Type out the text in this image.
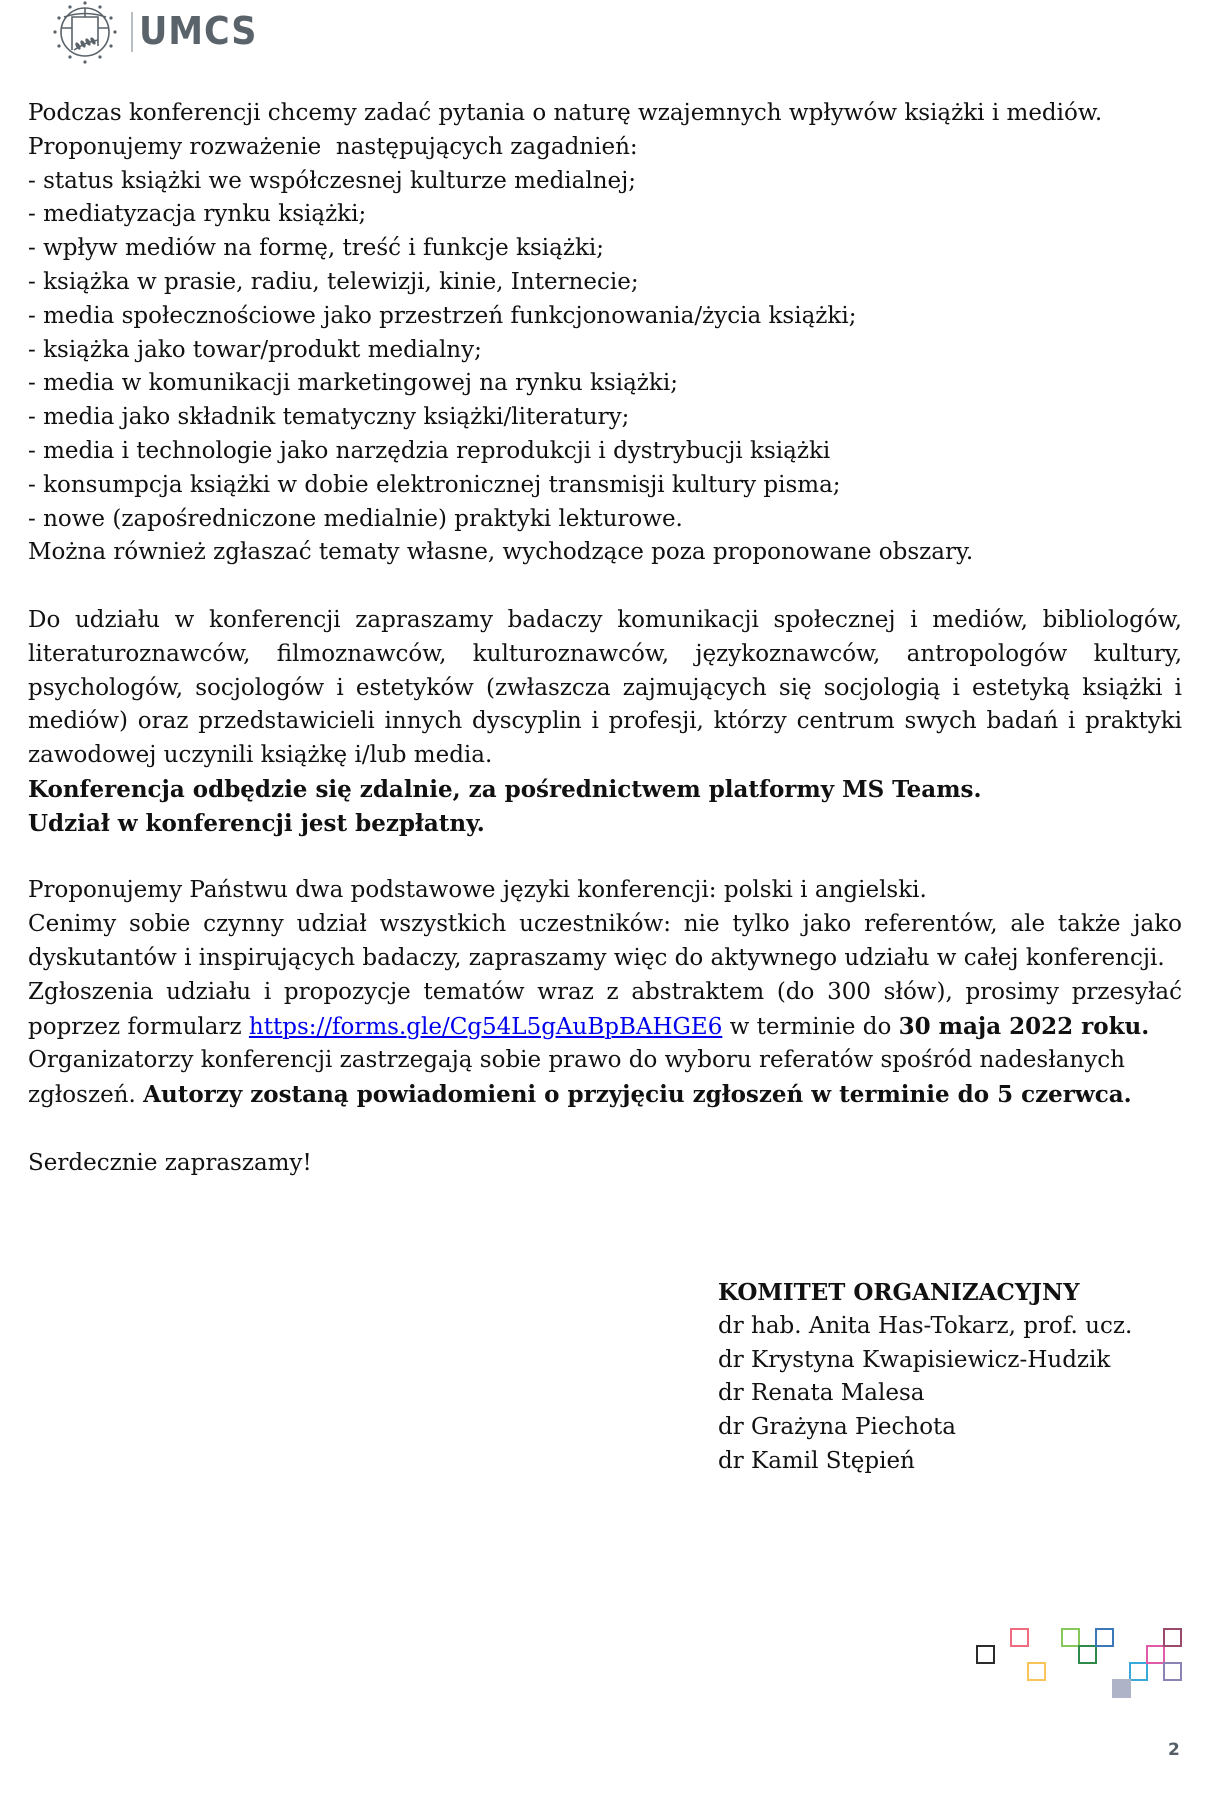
UMCS

Podczas konferencji chcemy zadać pytania o naturę wzajemnych wpływów książki i mediów.

Proponujemy rozważenie  następujących zagadnień:

- status książki we współczesnej kulturze medialnej;

- mediatyzacja rynku książki;

- wpływ mediów na formę, treść i funkcje książki;

- książka w prasie, radiu, telewizji, kinie, Internecie;

- media społecznościowe jako przestrzeń funkcjonowania/życia książki;

- książka jako towar/produkt medialny;

- media w komunikacji marketingowej na rynku książki;

- media jako składnik tematyczny książki/literatury;

- media i technologie jako narzędzia reprodukcji i dystrybucji książki

- konsumpcja książki w dobie elektronicznej transmisji kultury pisma;

- nowe (zapośredniczone medialnie) praktyki lekturowe.

Można również zgłaszać tematy własne, wychodzące poza proponowane obszary.

Do udziału w konferencji zapraszamy badaczy komunikacji społecznej i mediów, bibliologów, literaturoznawców, filmoznawców, kulturoznawców, językoznawców, antropologów kultury, psychologów, socjologów i estetyków (zwłaszcza zajmujących się socjologią i estetyką książki i mediów) oraz przedstawicieli innych dyscyplin i profesji, którzy centrum swych badań i praktyki zawodowej uczynili książkę i/lub media.

Konferencja odbędzie się zdalnie, za pośrednictwem platformy MS Teams.

Udział w konferencji jest bezpłatny.

Proponujemy Państwu dwa podstawowe języki konferencji: polski i angielski.

Cenimy sobie czynny udział wszystkich uczestników: nie tylko jako referentów, ale także jako dyskutantów i inspirujących badaczy, zapraszamy więc do aktywnego udziału w całej konferencji.

Zgłoszenia udziału i propozycje tematów wraz z abstraktem (do 300 słów), prosimy przesyłać poprzez formularz https://forms.gle/Cg54L5gAuBpBAHGE6 w terminie do 30 maja 2022 roku.

Organizatorzy konferencji zastrzegają sobie prawo do wyboru referatów spośród nadesłanych zgłoszeń. Autorzy zostaną powiadomieni o przyjęciu zgłoszeń w terminie do 5 czerwca.

Serdecznie zapraszamy!

KOMITET ORGANIZACYJNY
dr hab. Anita Has-Tokarz, prof. ucz.
dr Krystyna Kwapisiewicz-Hudzik
dr Renata Malesa
dr Grażyna Piechota
dr Kamil Stępień
2
